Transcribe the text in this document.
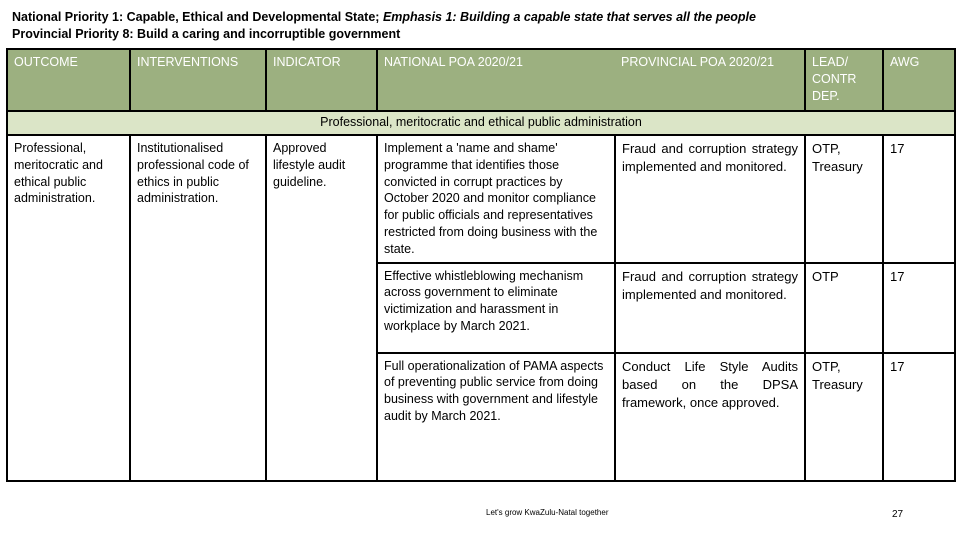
National Priority 1: Capable, Ethical and Developmental State; Emphasis 1: Building a capable state that serves all the people
Provincial Priority 8: Build a caring and incorruptible government
OUTCOME	INTERVENTIONS	INDICATOR	NATIONAL POA 2020/21	PROVINCIAL POA 2020/21	LEAD/ CONTR DEP.	AWG
Professional, meritocratic and ethical public administration						
Professional, meritocratic and ethical public administration.	Institutionalised professional code of ethics in public administration.	Approved lifestyle audit guideline.	Implement a 'name and shame' programme that identifies those convicted in corrupt practices by October 2020 and monitor compliance for public officials and representatives restricted from doing business with the state.	Fraud and corruption strategy implemented and monitored.	OTP, Treasury	17
			Effective whistleblowing mechanism across government to eliminate victimization and harassment in workplace by March 2021.	Fraud and corruption strategy implemented and monitored.	OTP	17
			Full operationalization of PAMA aspects of preventing public service from doing business with government and lifestyle audit by March 2021.	Conduct Life Style Audits based on the DPSA framework, once approved.	OTP, Treasury	17
Let's grow KwaZulu-Natal together	27
